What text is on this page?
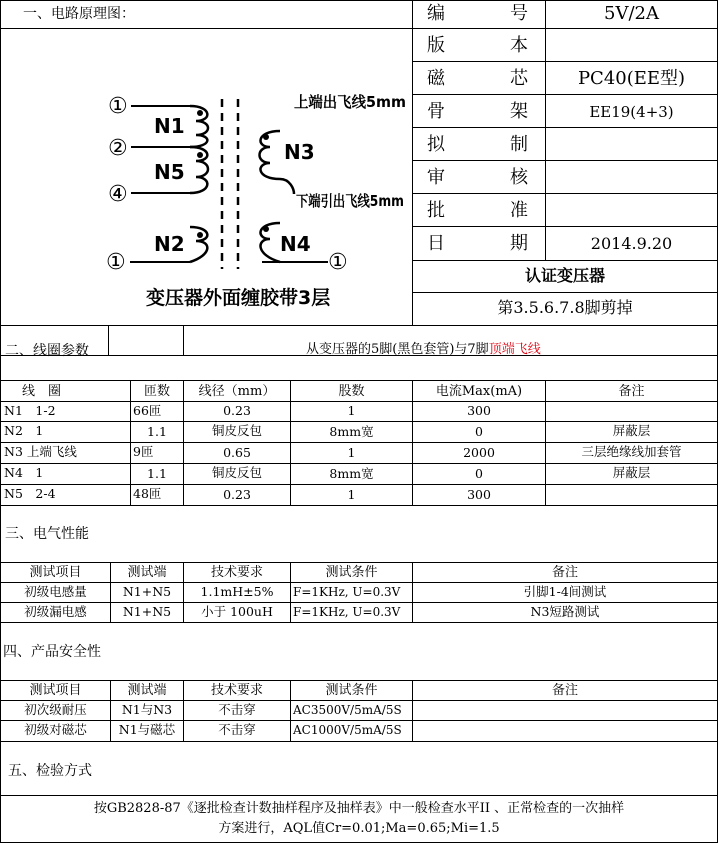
一、电路原理图：
①
②
④
①	①
N1
N5
N2
N3
N4
上端出飞线5mm
下端引出飞线5mm
变压器外面缠胶带3层
编	号	5V/2A
版	本
磁	芯	PC40(EE型)
骨	架	EE19(4+3)
拟	制
审	核
批	准
日	期	2014.9.20
认证变压器
第3.5.6.7.8脚剪掉
二、线圈参数	从变压器的5脚(黑色套管)与7脚顶端飞线
线　圈	匝数	线径（mm）	股数	电流Max(mA)	备注
N1　1-2	66匝	0.23	1	300
N2　1	1.1	铜皮反包	8mm宽	0	屏蔽层
N3 上端飞线	9匝	0.65	1	2000	三层绝缘线加套管
N4　1	1.1	铜皮反包	8mm宽	0	屏蔽层
N5　2-4	48匝	0.23	1	300
三、电气性能
测试项目	测试端	技术要求	测试条件	备注
初级电感量	N1+N5	1.1mH±5%	F=1KHz, U=0.3V	引脚1-4间测试
初级漏电感	N1+N5	小于 100uH	F=1KHz, U=0.3V	N3短路测试
四、产品安全性
测试项目	测试端	技术要求	测试条件	备注
初次级耐压	N1与N3	不击穿	AC3500V/5mA/5S
初级对磁芯	N1与磁芯	不击穿	AC1000V/5mA/5S
五、检验方式
按GB2828-87《逐批检查计数抽样程序及抽样表》中一般检查水平II 、正常检查的一次抽样
方案进行，AQL值Cr=0.01;Ma=0.65;Mi=1.5
